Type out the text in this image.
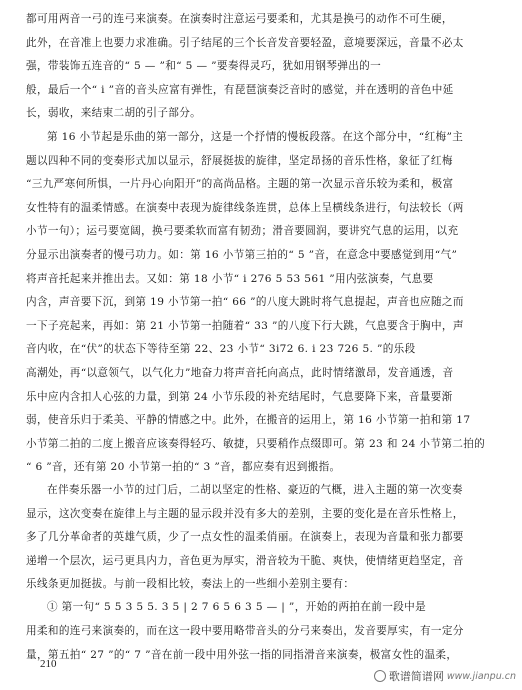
都可用两音一弓的连弓来演奏。在演奏时注意运弓要柔和，尤其是换弓的动作不可生硬，
此外，在音准上也要力求准确。引子结尾的三个长音发音要轻盈，意境要深远，音量不必太
强，带装饰五连音的“ 5 — ”和“ 5 — ”要奏得灵巧，犹如用钢琴弹出的一
般，最后一个“ i ”音的音头应富有弹性，有琵琶演奏泛音时的感觉，并在透明的音色中延
长，弱收，来结束二胡的引子部分。

第 16 小节起是乐曲的第一部分，这是一个抒情的慢板段落。在这个部分中，“红梅”主
题以四种不同的变奏形式加以显示，舒展挺拔的旋律，坚定昂扬的音乐性格，象征了红梅
“三九严寒何所惧，一片丹心向阳开”的高尚品格。主题的第一次显示音乐较为柔和，极富
女性特有的温柔情感。在演奏中表现为旋律线条连贯，总体上呈横线条进行，句法较长（两
小节一句）；运弓要宽阔，换弓要柔软而富有韧劲；滑音要圆润，要讲究气息的运用，以充
分显示出演奏者的慢弓功力。如：第 16 小节第三拍的“ 5 ”音，在意念中要感觉到用“气”
将声音托起来并推出去。又如：第 18 小节“ i 276 5 53 561 ”用内弦演奏，气息要
内含，声音要下沉，到第 19 小节第一拍“ 66 ”的八度大跳时将气息提起，声音也应随之而
一下子亮起来，再如：第 21 小节第一拍随着“ 33 ”的八度下行大跳，气息要含于胸中，声
音内收，在“伏”的状态下等待至第 22、23 小节“ 3i72 6. i 23 726 5. ”的乐段
高潮处，再“以意领气，以气化力”地奋力将声音托向高点，此时情绪激昂，发音通透，音
乐中应内含扣人心弦的力量，到第 24 小节乐段的补充结尾时，气息要降下来，音量要渐
弱，使音乐归于柔美、平静的情感之中。此外，在搬音的运用上，第 16 小节第一拍和第 17
小节第二拍的二度上搬音应该奏得轻巧、敏捷，只要稍作点缀即可。第 23 和 24 小节第二拍的
“ 6 ”音，还有第 20 小节第一拍的“ 3 ”音，都应奏有迟到搬指。

在伴奏乐器一小节的过门后，二胡以坚定的性格、豪迈的气概，进入主题的第一次变奏
显示，这次变奏在旋律上与主题的显示段并没有多大的差别，主要的变化是在音乐性格上，
多了几分革命者的英雄气质，少了一点女性的温柔俏丽。在演奏上，表现为音量和张力都要
递增一个层次，运弓更具内力，音色更为厚实，滑音较为干脆、爽快，使情绪更趋坚定，音
乐线条更加挺拔。与前一段相比较，奏法上的一些细小差别主要有：

① 第一句“ 5 5 3 5 5. 3 5 | 2 7 6 5 6 3 5 — | ”，开始的两拍在前一段中是

用柔和的连弓来演奏的，而在这一段中要用略带音头的分弓来奏出，发音要厚实，有一定分
量，第五拍“ 27 ”的“ 7 ”音在前一段中用外弦一指的同指滑音来演奏，极富女性的温柔，

210
歌谱简谱网 www.jianpu.cn
